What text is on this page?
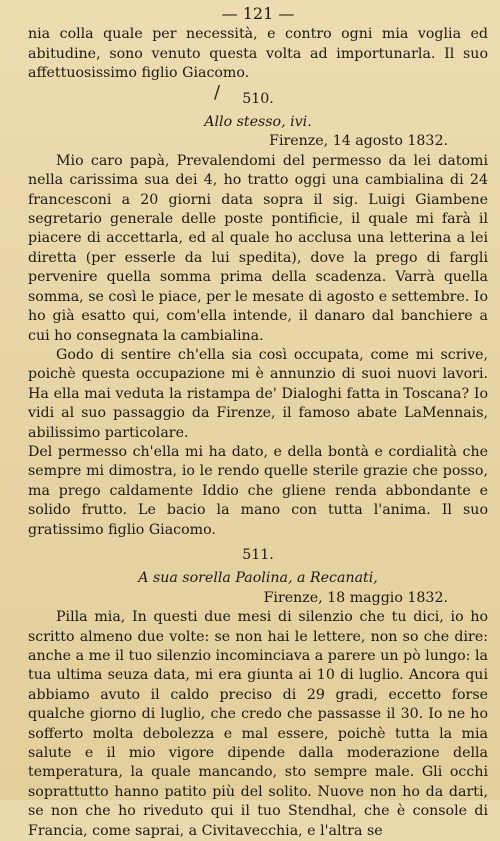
— 121 —

nia colla quale per necessità, e contro ogni mia voglia ed abitudine, sono venuto questa volta ad importunarla. Il suo affettuosissimo figlio Giacomo.

/	510.
Allo stesso, ivi.
Firenze, 14 agosto 1832.

Mio caro papà, Prevalendomi del permesso da lei datomi nella carissima sua dei 4, ho tratto oggi una cambialina di 24 francesconi a 20 giorni data sopra il sig. Luigi Giambene segretario generale delle poste pontificie, il quale mi farà il piacere di accettarla, ed al quale ho acclusa una letterina a lei diretta (per esserle da lui spedita), dove la prego di fargli pervenire quella somma prima della scadenza. Varrà quella somma, se così le piace, per le mesate di agosto e settembre. Io ho già esatto qui, com'ella intende, il danaro dal banchiere a cui ho consegnata la cambialina.

Godo di sentire ch'ella sia così occupata, come mi scrive, poichè questa occupazione mi è annunzio di suoi nuovi lavori. Ha ella mai veduta la ristampa de' Dialoghi fatta in Toscana? Io vidi al suo passaggio da Firenze, il famoso abate LaMennais, abilissimo particolare.

Del permesso ch'ella mi ha dato, e della bontà e cordialità che sempre mi dimostra, io le rendo quelle sterile grazie che posso, ma prego caldamente Iddio che gliene renda abbondante e solido frutto. Le bacio la mano con tutta l'anima. Il suo gratissimo figlio Giacomo.

511.
A sua sorella Paolina, a Recanati,
Firenze, 18 maggio 1832.

Pilla mia, In questi due mesi di silenzio che tu dici, io ho scritto almeno due volte: se non hai le lettere, non so che dire: anche a me il tuo silenzio incominciava a parere un pò lungo: la tua ultima seuza data, mi era giunta ai 10 di luglio. Ancora qui abbiamo avuto il caldo preciso di 29 gradi, eccetto forse qualche giorno di luglio, che credo che passasse il 30. Io ne ho sofferto molta debolezza e mal essere, poichè tutta la mia salute e il mio vigore dipende dalla moderazione della temperatura, la quale mancando, sto sempre male. Gli occhi soprattutto hanno patito più del solito. Nuove non ho da darti, se non che ho riveduto qui il tuo Stendhal, che è console di Francia, come saprai, a Civitavecchia, e l'altra se
